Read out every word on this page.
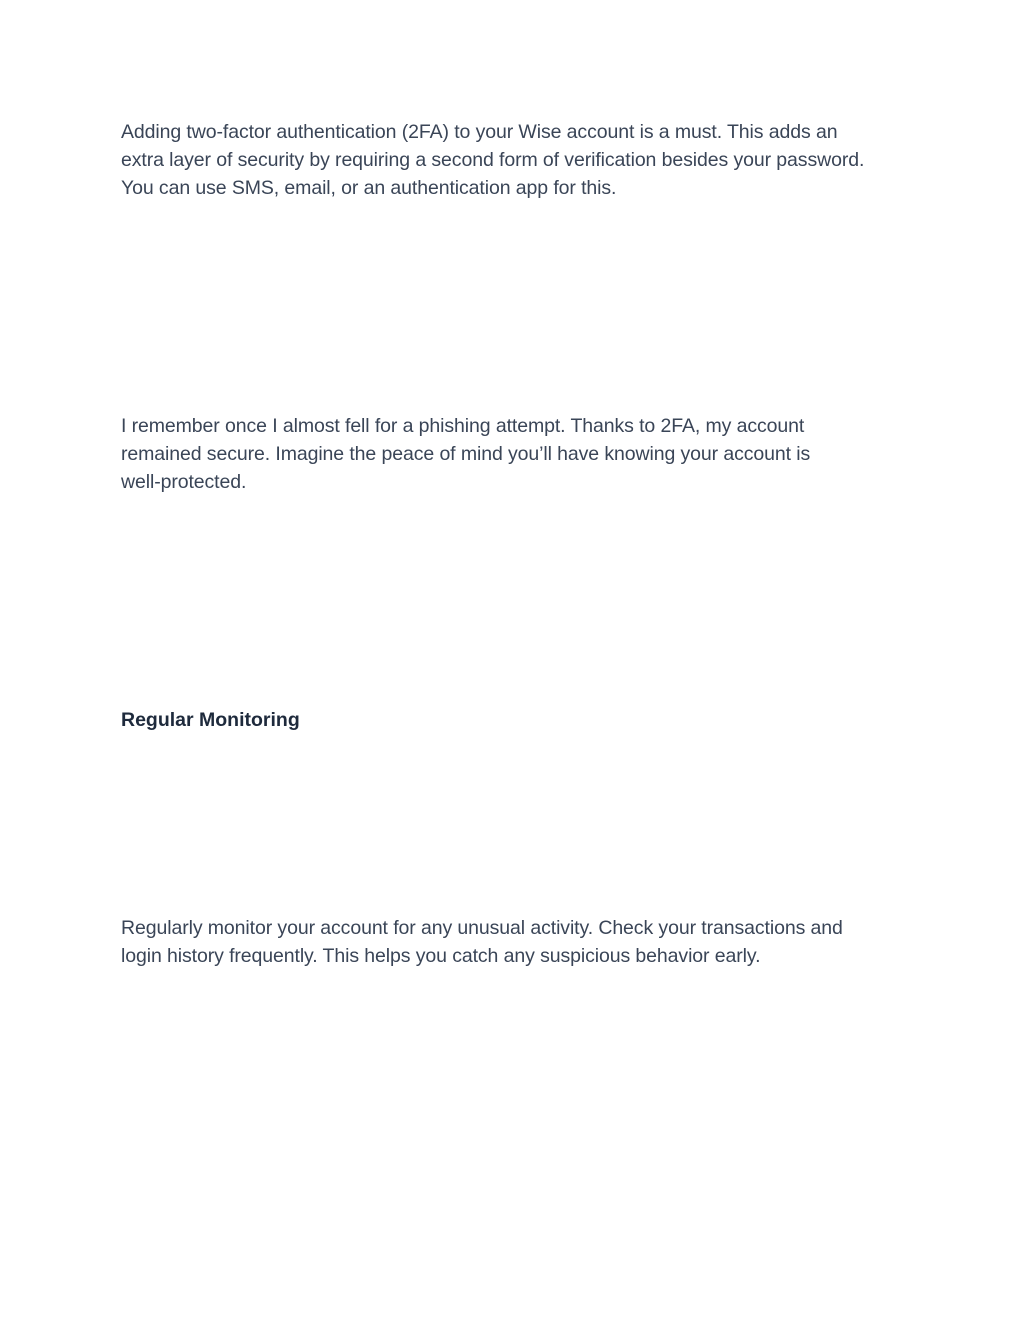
Adding two-factor authentication (2FA) to your Wise account is a must. This adds an
extra layer of security by requiring a second form of verification besides your password.
You can use SMS, email, or an authentication app for this.

I remember once I almost fell for a phishing attempt. Thanks to 2FA, my account
remained secure. Imagine the peace of mind you’ll have knowing your account is
well-protected.

Regular Monitoring

Regularly monitor your account for any unusual activity. Check your transactions and
login history frequently. This helps you catch any suspicious behavior early.
